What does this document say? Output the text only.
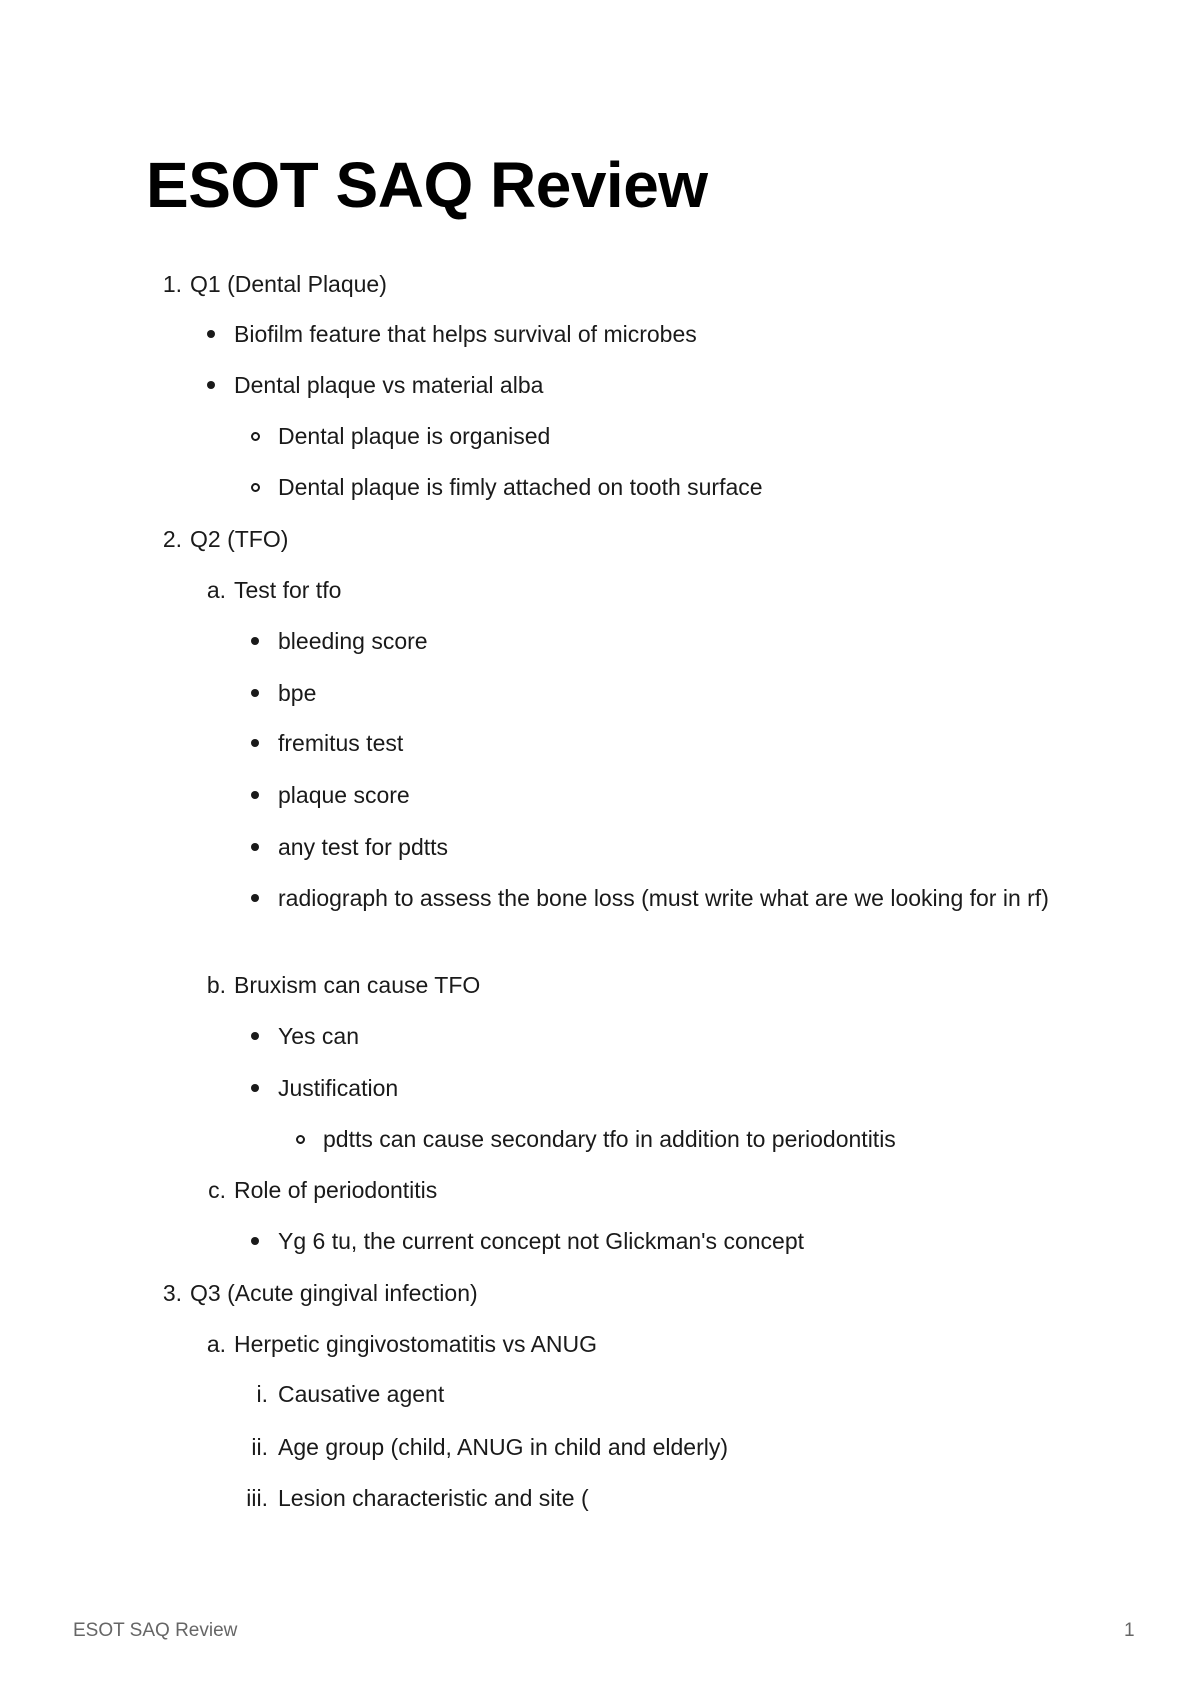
ESOT SAQ Review
1. Q1 (Dental Plaque)
Biofilm feature that helps survival of microbes
Dental plaque vs material alba
Dental plaque is organised
Dental plaque is fimly attached on tooth surface
2. Q2 (TFO)
a. Test for tfo
bleeding score
bpe
fremitus test
plaque score
any test for pdtts
radiograph to assess the bone loss (must write what are we looking for in rf)
b. Bruxism can cause TFO
Yes can
Justification
pdtts can cause secondary tfo in addition to periodontitis
c. Role of periodontitis
Yg 6 tu, the current concept not Glickman's concept
3. Q3 (Acute gingival infection)
a. Herpetic gingivostomatitis vs ANUG
i. Causative agent
ii. Age group (child, ANUG in child and elderly)
iii. Lesion characteristic and site (
ESOT SAQ Review	1
